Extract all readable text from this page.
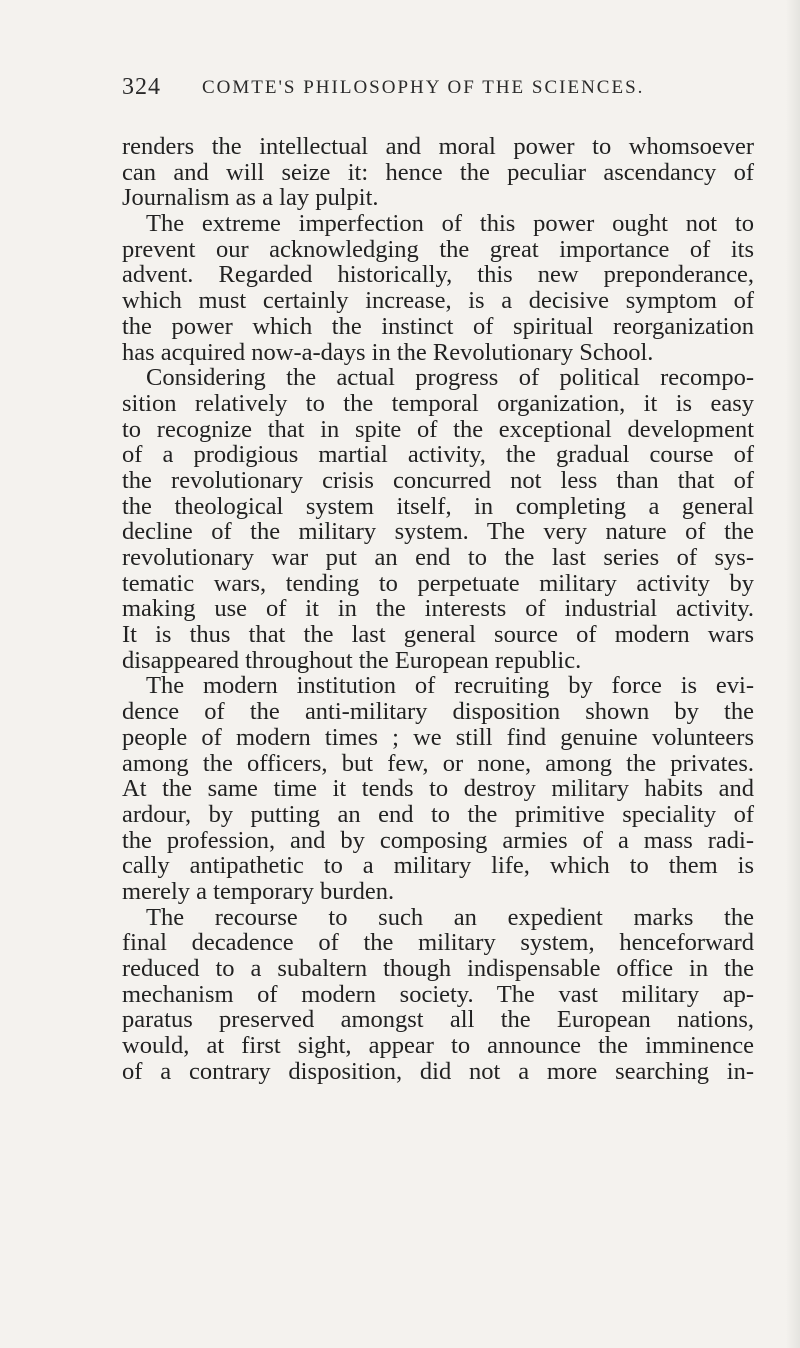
324 COMTE'S PHILOSOPHY OF THE SCIENCES.
renders the intellectual and moral power to whomsoever
can and will seize it: hence the peculiar ascendancy of
Journalism as a lay pulpit.
The extreme imperfection of this power ought not to
prevent our acknowledging the great importance of its
advent. Regarded historically, this new preponderance,
which must certainly increase, is a decisive symptom of
the power which the instinct of spiritual reorganization
has acquired now-a-days in the Revolutionary School.
Considering the actual progress of political recompo-
sition relatively to the temporal organization, it is easy
to recognize that in spite of the exceptional development
of a prodigious martial activity, the gradual course of
the revolutionary crisis concurred not less than that of
the theological system itself, in completing a general
decline of the military system. The very nature of the
revolutionary war put an end to the last series of sys-
tematic wars, tending to perpetuate military activity by
making use of it in the interests of industrial activity.
It is thus that the last general source of modern wars
disappeared throughout the European republic.
The modern institution of recruiting by force is evi-
dence of the anti-military disposition shown by the
people of modern times ; we still find genuine volunteers
among the officers, but few, or none, among the privates.
At the same time it tends to destroy military habits and
ardour, by putting an end to the primitive speciality of
the profession, and by composing armies of a mass radi-
cally antipathetic to a military life, which to them is
merely a temporary burden.
The recourse to such an expedient marks the
final decadence of the military system, henceforward
reduced to a subaltern though indispensable office in the
mechanism of modern society. The vast military ap-
paratus preserved amongst all the European nations,
would, at first sight, appear to announce the imminence
of a contrary disposition, did not a more searching in-
